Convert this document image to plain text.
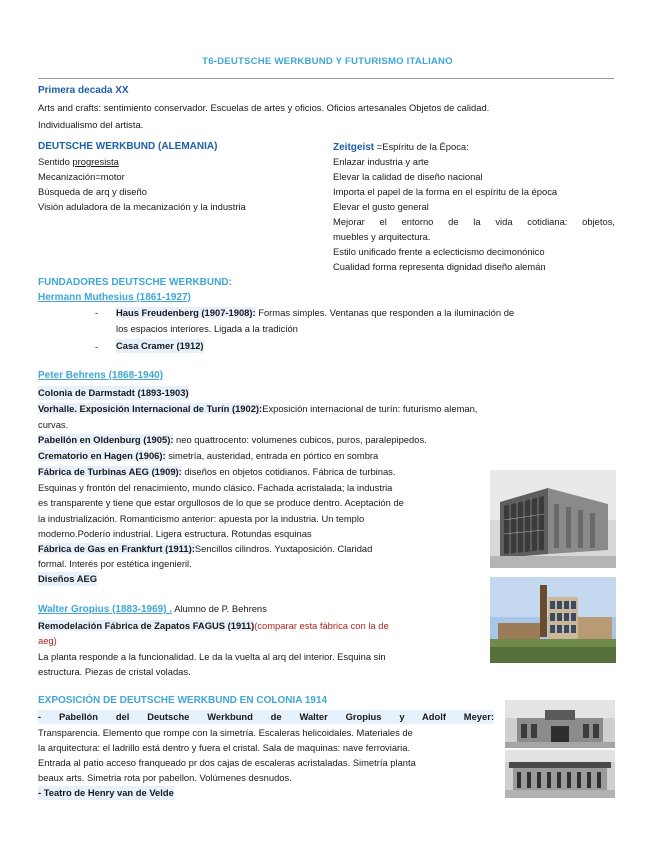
T6-DEUTSCHE WERKBUND Y FUTURISMO ITALIANO
Primera decada XX
Arts and crafts: sentimiento conservador. Escuelas de artes y oficios. Oficios artesanales Objetos de calidad.
Individualismo del artista.
DEUTSCHE WERKBUND (ALEMANIA)
Sentido progresista
Mecanización=motor
Búsqueda de arq y diseño
Visión aduladora de la mecanización y la industria
Zeitgeist =Espíritu de la Época:
Enlazar industria y arte
Elevar la calidad de diseño nacional
Importa el papel de la forma en el espíritu de la época
Elevar el gusto general
Mejorar el entorno de la vida cotidiana: objetos,
muebles y arquitectura.
Estilo unificado frente a eclecticismo decimonónico
Cualidad forma representa dignidad diseño alemán
FUNDADORES DEUTSCHE WERKBUND:
Hermann Muthesius (1861-1927)
- Haus Freudenberg (1907-1908): Formas simples. Ventanas que responden a la iluminación de
los espacios interiores. Ligada a la tradición
- Casa Cramer (1912)
Peter Behrens (1868-1940)
Colonia de Darmstadt (1893-1903)
Vorhalle. Exposición Internacional de Turín (1902):Exposición internacional de turín: futurismo aleman,
curvas.
Pabellón en Oldenburg (1905): neo quattrocento: volumenes cubicos, puros, paralepipedos.
Crematorio en Hagen (1906): simetría, austeridad, entrada en pórtico en sombra
Fábrica de Turbinas AEG (1909): diseños en objetos cotidianos. Fábrica de turbinas.
Esquinas y frontón del renacimiento, mundo clásico. Fachada acristalada; la industria
es transparente y tiene que estar orgullosos de lo que se produce dentro. Aceptación de
la industrialización. Romanticismo anterior: apuesta por la industria. Un templo
moderno.Poderío industrial. Ligera estructura. Rotundas esquinas
Fábrica de Gas en Frankfurt (1911):Sencillos cilindros. Yuxtaposición. Claridad
formal. Interés por estética ingenieril.
Diseños AEG
Walter Gropius (1883-1969) . Alumno de P. Behrens
Remodelación Fábrica de Zapatos FAGUS (1911)(comparar esta fábrica con la de
aeg)
La planta responde a la funcionalidad. Le da la vuelta al arq del interior. Esquina sin
estructura. Piezas de cristal voladas.
EXPOSICIÓN DE DEUTSCHE WERKBUND EN COLONIA 1914
- Pabellón del Deutsche Werkbund de Walter Gropius y Adolf Meyer:
Transparencia. Elemento que rompe con la simetría. Escaleras helicoidales. Materiales de
la arquitectura: el ladrillo está dentro y fuera el cristal. Sala de maquinas: nave ferroviaria.
Entrada al patio acceso franqueado pr dos cajas de escaleras acristaladas. Simetría planta
beaux arts. Simetria rota por pabellon. Volúmenes desnudos.
- Teatro de Henry van de Velde
